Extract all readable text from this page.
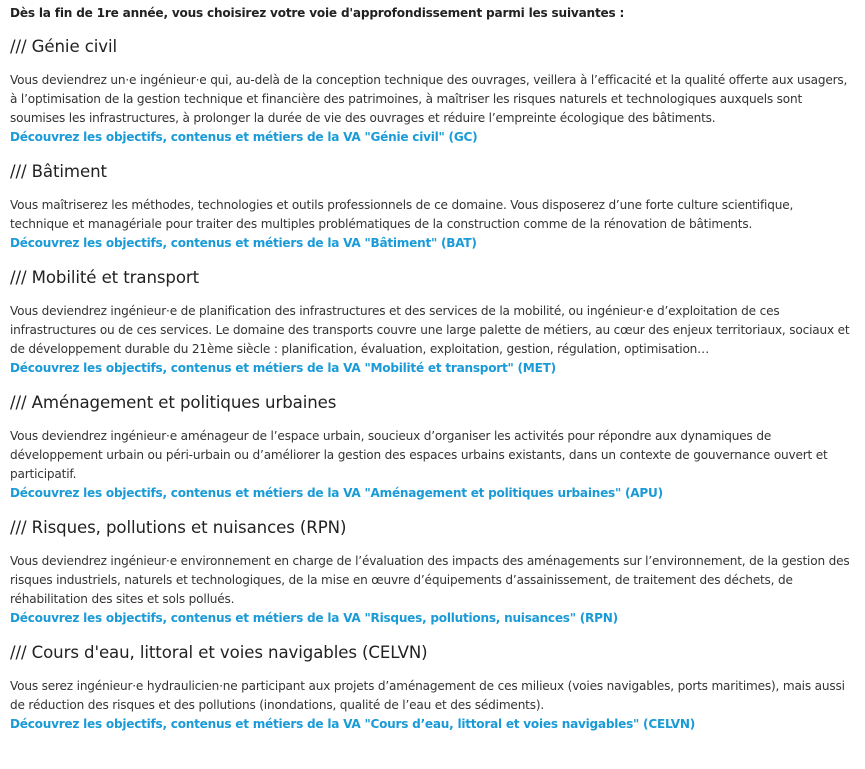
Dès la fin de 1re année, vous choisirez votre voie d'approfondissement parmi les suivantes :

/// Génie civil

Vous deviendrez un·e ingénieur·e qui, au-delà de la conception technique des ouvrages, veillera à l’efficacité et la qualité offerte aux usagers, à l’optimisation de la gestion technique et financière des patrimoines, à maîtriser les risques naturels et technologiques auxquels sont soumises les infrastructures, à prolonger la durée de vie des ouvrages et réduire l’empreinte écologique des bâtiments.

Découvrez les objectifs, contenus et métiers de la VA "Génie civil" (GC)
/// Bâtiment

Vous maîtriserez les méthodes, technologies et outils professionnels de ce domaine. Vous disposerez d’une forte culture scientifique, technique et managériale pour traiter des multiples problématiques de la construction comme de la rénovation de bâtiments.

Découvrez les objectifs, contenus et métiers de la VA "Bâtiment" (BAT)
/// Mobilité et transport

Vous deviendrez ingénieur·e de planification des infrastructures et des services de la mobilité, ou ingénieur·e d’exploitation de ces infrastructures ou de ces services. Le domaine des transports couvre une large palette de métiers, au cœur des enjeux territoriaux, sociaux et de développement durable du 21ème siècle : planification, évaluation, exploitation, gestion, régulation, optimisation…

Découvrez les objectifs, contenus et métiers de la VA "Mobilité et transport" (MET)
/// Aménagement et politiques urbaines

Vous deviendrez ingénieur·e aménageur de l’espace urbain, soucieux d’organiser les activités pour répondre aux dynamiques de développement urbain ou péri-urbain ou d’améliorer la gestion des espaces urbains existants, dans un contexte de gouvernance ouvert et participatif.

Découvrez les objectifs, contenus et métiers de la VA "Aménagement et politiques urbaines" (APU)
/// Risques, pollutions et nuisances (RPN)

Vous deviendrez ingénieur·e environnement en charge de l’évaluation des impacts des aménagements sur l’environnement, de la gestion des risques industriels, naturels et technologiques, de la mise en œuvre d’équipements d’assainissement, de traitement des déchets, de réhabilitation des sites et sols pollués.

Découvrez les objectifs, contenus et métiers de la VA "Risques, pollutions, nuisances" (RPN)
/// Cours d'eau, littoral et voies navigables (CELVN)

Vous serez ingénieur·e hydraulicien·ne participant aux projets d’aménagement de ces milieux (voies navigables, ports maritimes), mais aussi de réduction des risques et des pollutions (inondations, qualité de l’eau et des sédiments).

Découvrez les objectifs, contenus et métiers de la VA "Cours d’eau, littoral et voies navigables" (CELVN)
